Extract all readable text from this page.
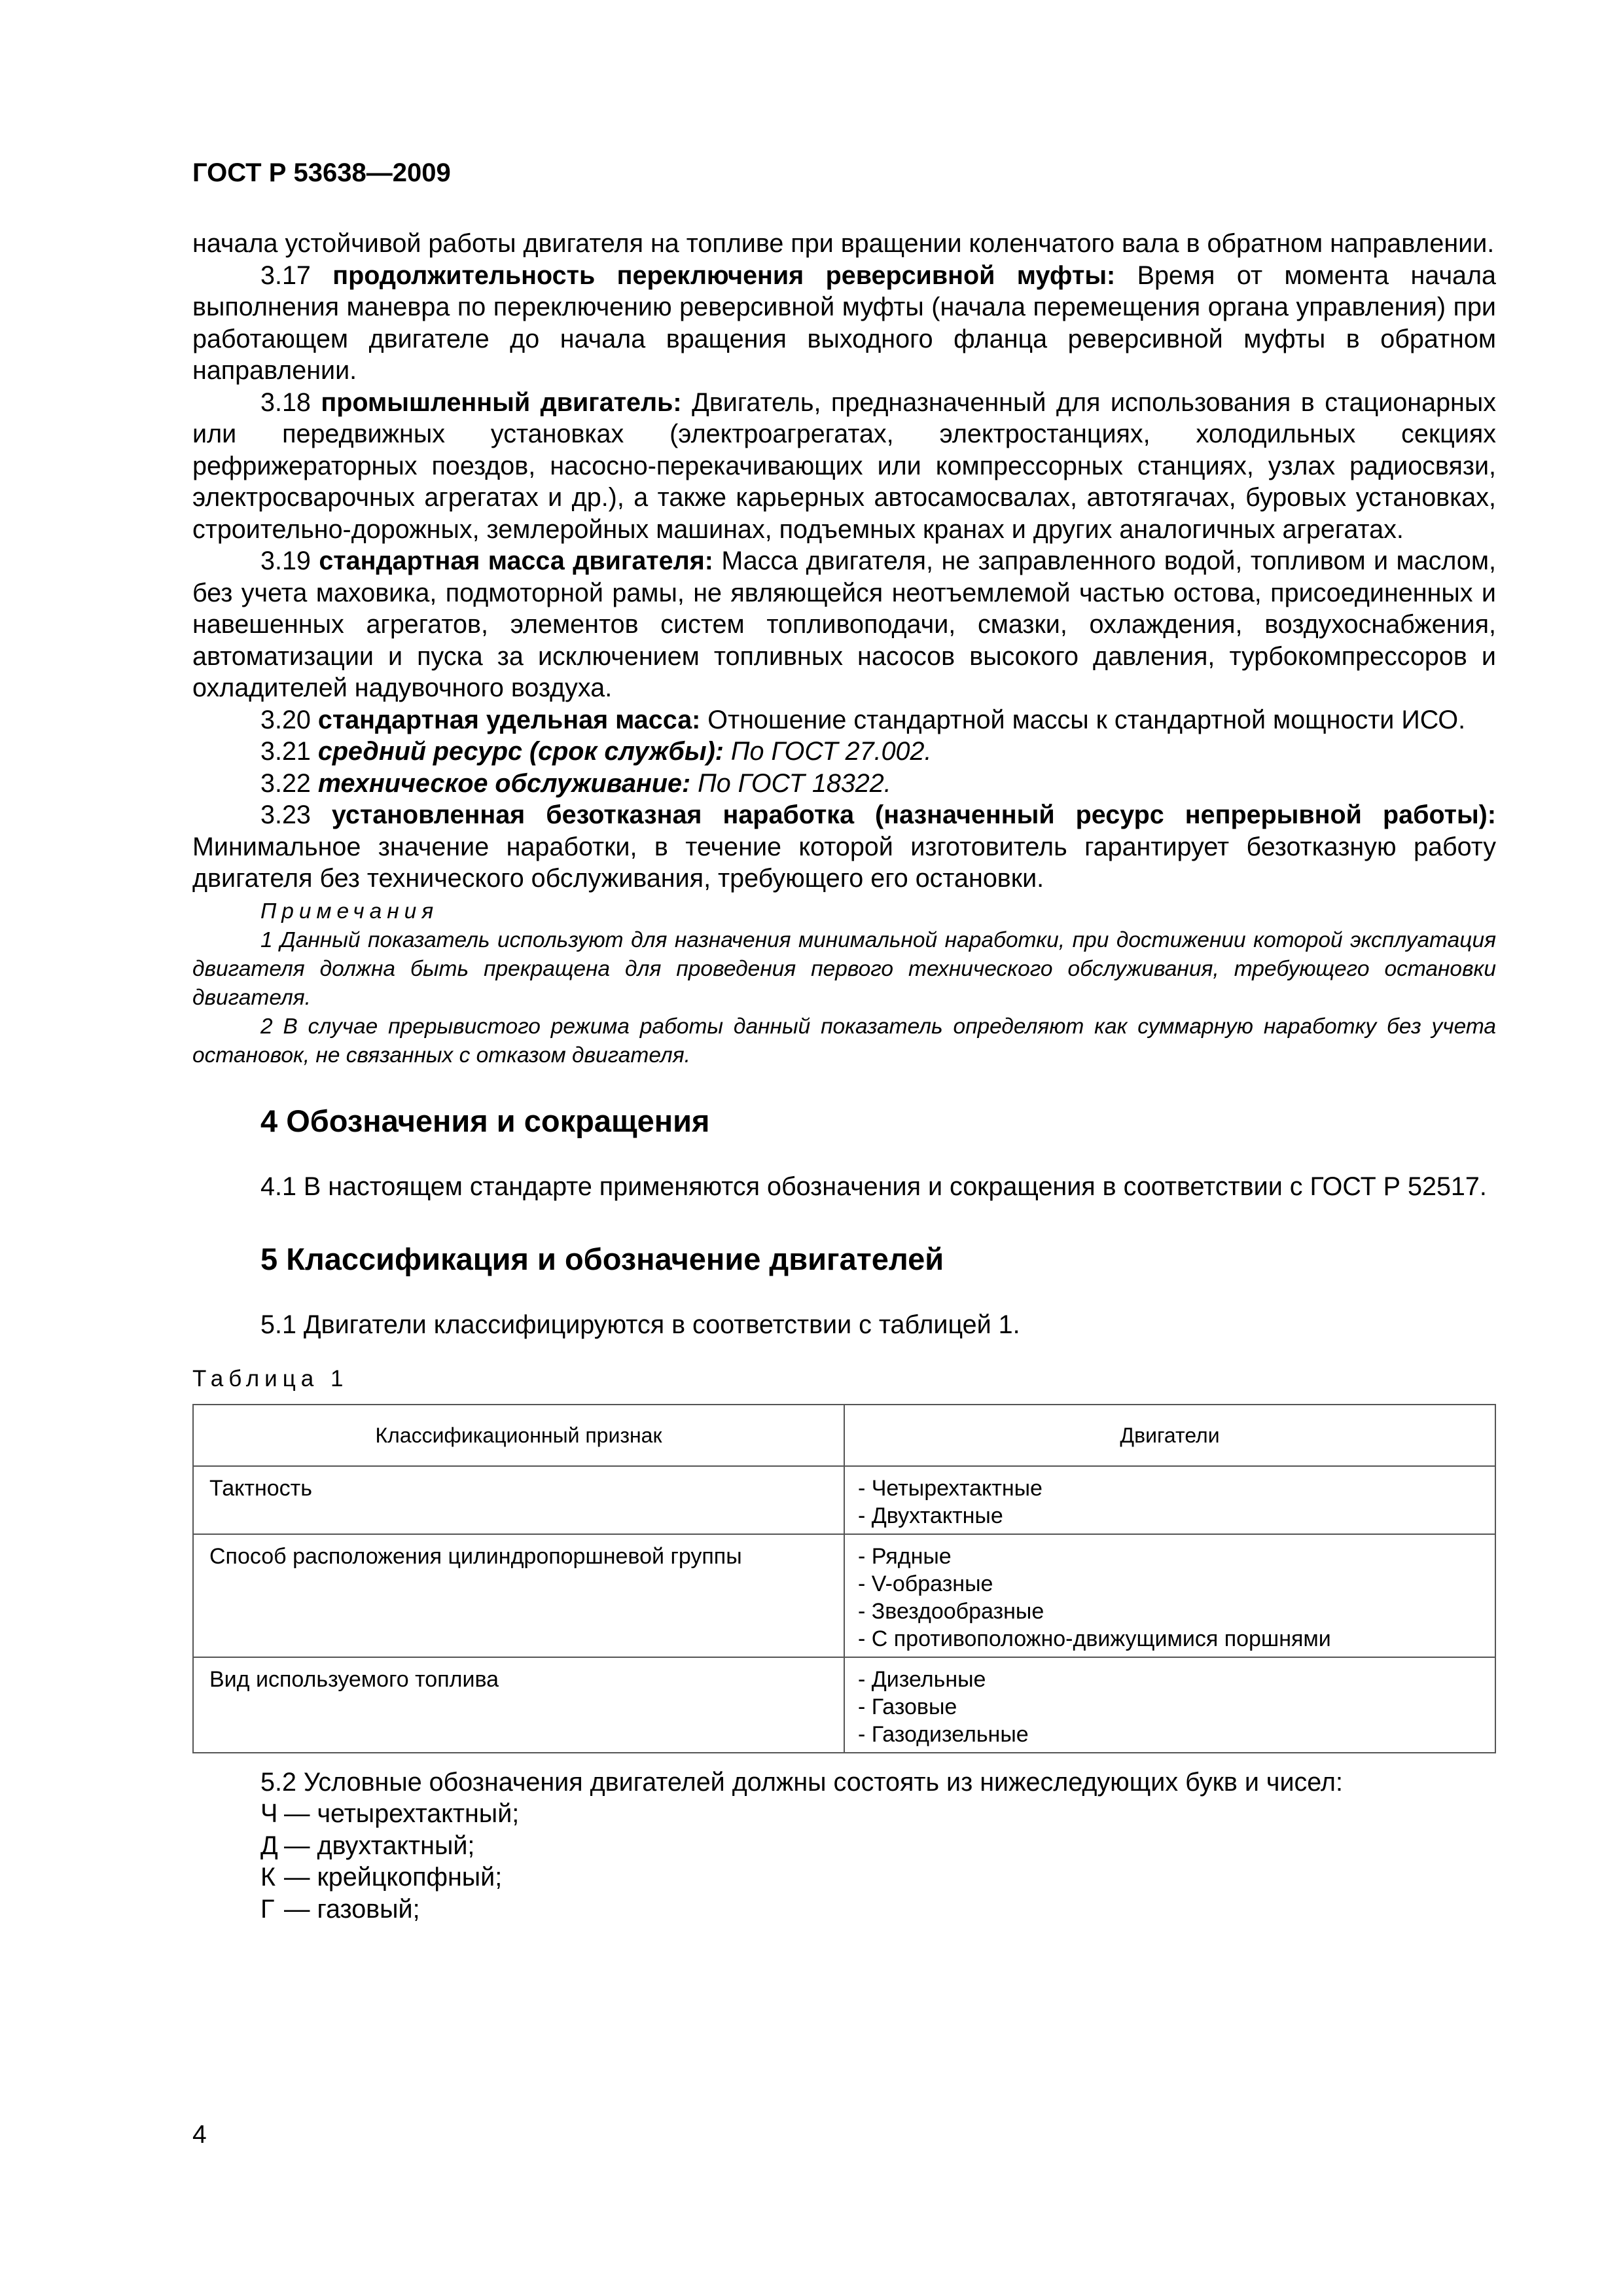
ГОСТ Р 53638—2009

начала устойчивой работы двигателя на топливе при вращении коленчатого вала в обратном направлении.

3.17 продолжительность переключения реверсивной муфты: Время от момента начала выполнения маневра по переключению реверсивной муфты (начала перемещения органа управления) при работающем двигателе до начала вращения выходного фланца реверсивной муфты в обратном направлении.

3.18 промышленный двигатель: Двигатель, предназначенный для использования в стационарных или передвижных установках (электроагрегатах, электростанциях, холодильных секциях рефрижераторных поездов, насосно-перекачивающих или компрессорных станциях, узлах радиосвязи, электросварочных агрегатах и др.), а также карьерных автосамосвалах, автотягачах, буровых установках, строительно-дорожных, землеройных машинах, подъемных кранах и других аналогичных агрегатах.

3.19 стандартная масса двигателя: Масса двигателя, не заправленного водой, топливом и маслом, без учета маховика, подмоторной рамы, не являющейся неотъемлемой частью остова, присоединенных и навешенных агрегатов, элементов систем топливоподачи, смазки, охлаждения, воздухоснабжения, автоматизации и пуска за исключением топливных насосов высокого давления, турбокомпрессоров и охладителей надувочного воздуха.

3.20 стандартная удельная масса: Отношение стандартной массы к стандартной мощности ИСО.

3.21 средний ресурс (срок службы): По ГОСТ 27.002.

3.22 техническое обслуживание: По ГОСТ 18322.

3.23 установленная безотказная наработка (назначенный ресурс непрерывной работы): Минимальное значение наработки, в течение которой изготовитель гарантирует безотказную работу двигателя без технического обслуживания, требующего его остановки.

Примечания

1 Данный показатель используют для назначения минимальной наработки, при достижении которой эксплуатация двигателя должна быть прекращена для проведения первого технического обслуживания, требующего остановки двигателя.

2 В случае прерывистого режима работы данный показатель определяют как суммарную наработку без учета остановок, не связанных с отказом двигателя.

4 Обозначения и сокращения

4.1 В настоящем стандарте применяются обозначения и сокращения в соответствии с ГОСТ Р 52517.

5 Классификация и обозначение двигателей

5.1 Двигатели классифицируются в соответствии с таблицей 1.

Таблица 1
Классификационный признак	Двигатели
Тактность	- Четырехтактные
- Двухтактные

Способ расположения цилиндропоршневой группы	- Рядные
- V-образные
- Звездообразные
- С противоположно-движущимися поршнями

Вид используемого топлива	- Дизельные
- Газовые
- Газодизельные

5.2 Условные обозначения двигателей должны состоять из нижеследующих букв и чисел:

Ч — четырехтактный;
Д — двухтактный;
К — крейцкопфный;
Г — газовый;
4
